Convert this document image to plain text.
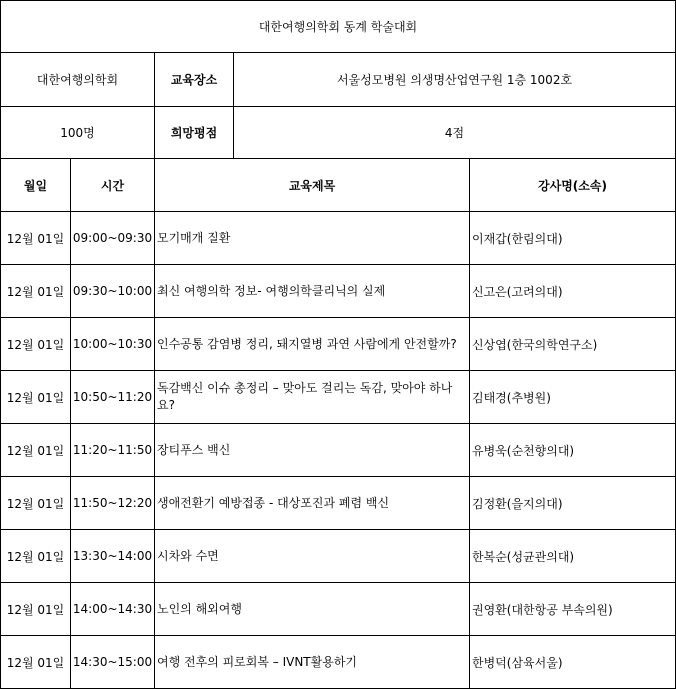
대한여행의학회 동계 학술대회				
대한여행의학회		교육장소	서울성모병원 의생명산업연구원 1층 1002호	
100명		희망평점	4점	
월일	시간	교육제목		강사명(소속)
12월 01일	09:00~09:30	모기매개 질환		이재갑(한림의대)
12월 01일	09:30~10:00	최신 여행의학 정보- 여행의학클리닉의 실제		신고은(고려의대)
12월 01일	10:00~10:30	인수공통 감염병 정리, 돼지열병 과연 사람에게 안전할까?		신상엽(한국의학연구소)
12월 01일	10:50~11:20	독감백신 이슈 총정리 – 맞아도 걸리는 독감, 맞아야 하나요?		김태경(추병원)
12월 01일	11:20~11:50	장티푸스 백신		유병욱(순천향의대)
12월 01일	11:50~12:20	생애전환기 예방접종 - 대상포진과 폐렴 백신		김정환(을지의대)
12월 01일	13:30~14:00	시차와 수면		한복순(성균관의대)
12월 01일	14:00~14:30	노인의 해외여행		권영환(대한항공 부속의원)
12월 01일	14:30~15:00	여행 전후의 피로회복 – IVNT활용하기		한병덕(삼육서울)
